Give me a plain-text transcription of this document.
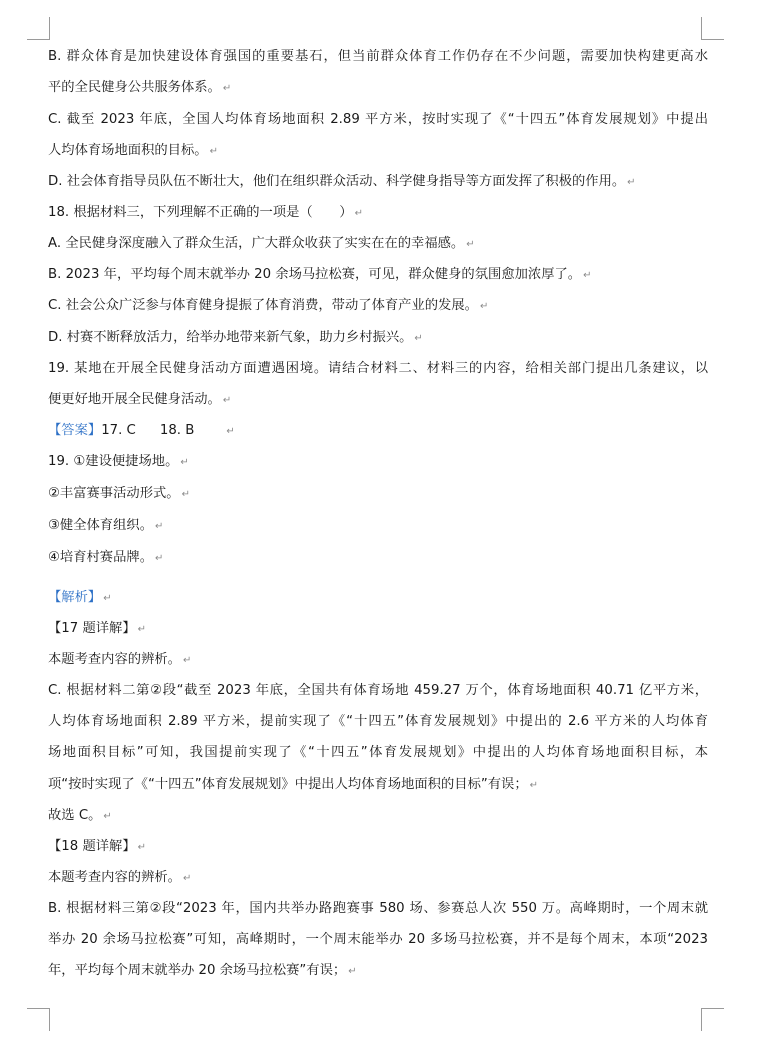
B. 群众体育是加快建设体育强国的重要基石，但当前群众体育工作仍存在不少问题，需要加快构建更高水
平的全民健身公共服务体系。 ↵
C. 截至 2023 年底，全国人均体育场地面积 2.89 平方米，按时实现了《“十四五”体育发展规划》中提出
人均体育场地面积的目标。 ↵
D. 社会体育指导员队伍不断壮大，他们在组织群众活动、科学健身指导等方面发挥了积极的作用。 ↵
18. 根据材料三，下列理解不正确的一项是（　　） ↵
A. 全民健身深度融入了群众生活，广大群众收获了实实在在的幸福感。 ↵
B. 2023 年，平均每个周末就举办 20 余场马拉松赛，可见，群众健身的氛围愈加浓厚了。 ↵
C. 社会公众广泛参与体育健身提振了体育消费，带动了体育产业的发展。 ↵
D. 村赛不断释放活力，给举办地带来新气象，助力乡村振兴。 ↵
19. 某地在开展全民健身活动方面遭遇困境。请结合材料二、材料三的内容，给相关部门提出几条建议，以
便更好地开展全民健身活动。 ↵
【答案】17. C 18. B	↵
19. ①建设便捷场地。 ↵
②丰富赛事活动形式。 ↵
③健全体育组织。 ↵
④培育村赛品牌。 ↵
【解析】 ↵
【17 题详解】 ↵
本题考查内容的辨析。 ↵
C. 根据材料二第②段“截至 2023 年底，全国共有体育场地 459.27 万个，体育场地面积 40.71 亿平方米，
人均体育场地面积 2.89 平方米，提前实现了《“十四五”体育发展规划》中提出的 2.6 平方米的人均体育
场地面积目标”可知，我国提前实现了《“十四五”体育发展规划》中提出的人均体育场地面积目标，本
项“按时实现了《“十四五”体育发展规划》中提出人均体育场地面积的目标”有误； ↵
故选 C。 ↵
【18 题详解】 ↵
本题考查内容的辨析。 ↵
B. 根据材料三第②段“2023 年，国内共举办路跑赛事 580 场、参赛总人次 550 万。高峰期时，一个周末就
举办 20 余场马拉松赛”可知，高峰期时，一个周末能举办 20 多场马拉松赛，并不是每个周末，本项“2023
年，平均每个周末就举办 20 余场马拉松赛”有误； ↵
